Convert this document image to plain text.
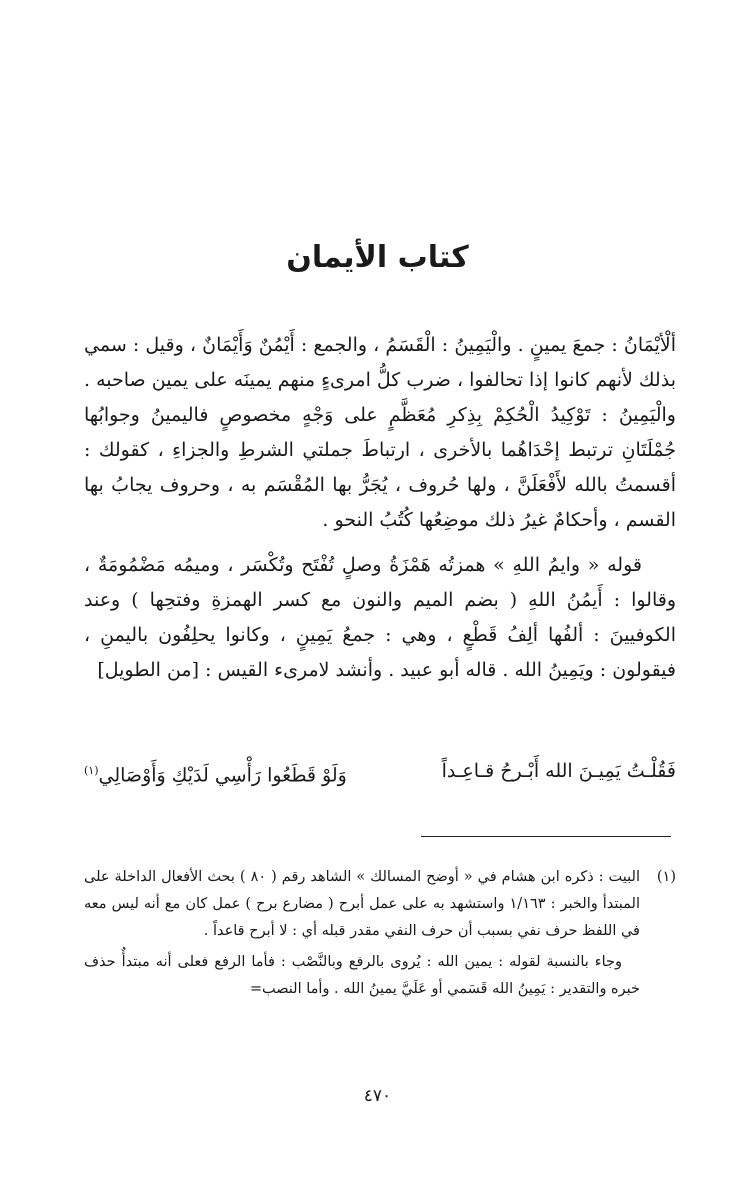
كتاب الأيمان

ألْأيْمَانُ : جمعَ يمينٍ . والْيَمِينُ : الْقَسَمُ ، والجمع : أَيْمُنٌ وَأَيْمَانٌ ، وقيل : سمي بذلك لأنهم كانوا إذا تحالفوا ، ضرب كلُّ امرىءٍ منهم يمينَه على يمين صاحبه . والْيَمِينُ : تَوْكِيدُ الْحُكِمْ بِذِكرِ مُعَظَّمٍ على وَجْهٍ مخصوصٍ فاليمينُ وجوابُها جُمْلَتَانِ ترتبط إحْدَاهُما بالأخرى ، ارتباطَ جملتي الشرطِ والجزاءِ ، كقولك : أقسمتُ بالله لأَفْعَلَنَّ ، ولها حُروف ، يُجَرُّ بها المُقْسَم به ، وحروف يجابُ بها القسم ، وأحكامٌ غيرُ ذلك موضِعُها كُتُبُ النحو .

قوله « وايمُ اللهِ » همزتُه هَمْزَةُ وصلٍ تُفْتَح وتُكْسَر ، وميمُه مَضْمُومَةٌ ، وقالوا : أَيمُنُ اللهِ ( بضم الميم والنون مع كسر الهمزةِ وفتحِها ) وعند الكوفيينَ : ألفُها ألِفُ قَطْعٍ ، وهي : جمعُ يَمِينٍ ، وكانوا يحلِفُون باليمنِ ، فيقولون : ويَمِينُ الله . قاله أبو عبيد . وأنشد لامرىء القيس : [من الطويل]

فَقُلْـتُ يَمِيـنَ الله أَبْـرحُ قـاعِـداً
وَلَوْ قَطَعُوا رَأْسِي لَدَيْكِ وَأَوْصَالِي$^{(١)}$
(١)

البيت : ذكره ابن هشام في « أوضح المسالك » الشاهد رقم ( ٨٠ ) بحث الأفعال الداخلة على المبتدأ والخبر : ١/١٦٣ واستشهد به على عمل أبرح ( مضارع برح ) عمل كان مع أنه ليس معه في اللفظ حرف نفي بسبب أن حرف النفي مقدر قبله أي : لا أبرح قاعداً .

وجاء بالنسبة لقوله : يمين الله : يُروى بالرفع وبالنَّصْب : فأما الرفع فعلى أنه مبتدأٌ حذف خبره والتقدير : يَمِينُ الله قَسَمي أو عَلَيَّ يمينُ الله . وأما النصب=

٤٧٠
